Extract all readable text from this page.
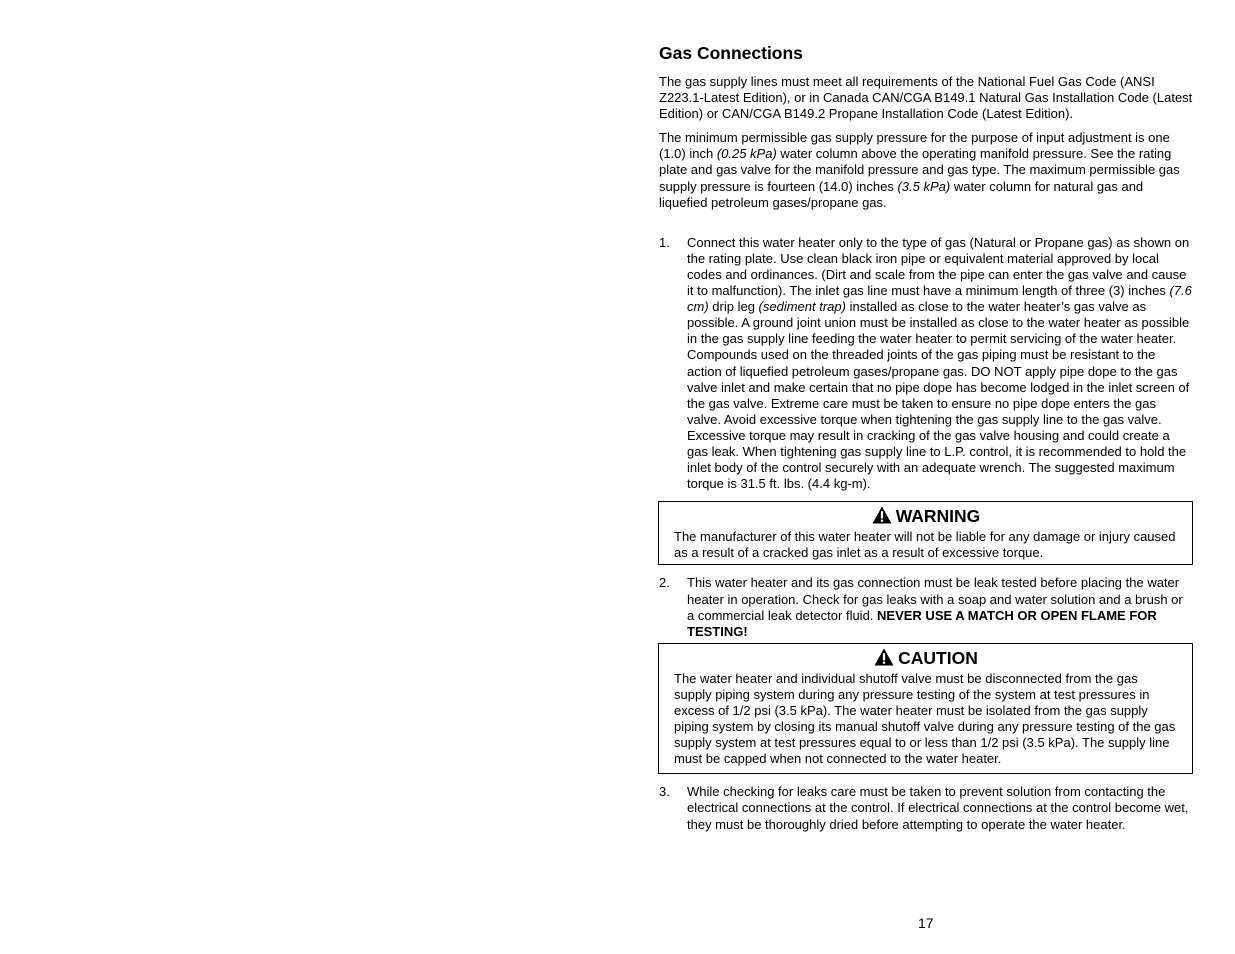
Gas Connections

The gas supply lines must meet all requirements of the National Fuel Gas Code (ANSI Z223.1-Latest Edition), or in Canada CAN/CGA B149.1 Natural Gas Installation Code (Latest Edition) or CAN/CGA B149.2 Propane Installation Code (Latest Edition).

The minimum permissible gas supply pressure for the purpose of input adjustment is one (1.0) inch (0.25 kPa) water column above the operating manifold pressure. See the rating plate and gas valve for the manifold pressure and gas type. The maximum permissible gas supply pressure is fourteen (14.0) inches (3.5 kPa) water column for natural gas and liquefied petroleum gases/propane gas.

1. Connect this water heater only to the type of gas (Natural or Propane gas) as shown on the rating plate. Use clean black iron pipe or equivalent material approved by local codes and ordinances. (Dirt and scale from the pipe can enter the gas valve and cause it to malfunction). The inlet gas line must have a minimum length of three (3) inches (7.6 cm) drip leg (sediment trap) installed as close to the water heater’s gas valve as possible. A ground joint union must be installed as close to the water heater as possible in the gas supply line feeding the water heater to permit servicing of the water heater. Compounds used on the threaded joints of the gas piping must be resistant to the action of liquefied petroleum gases/propane gas. DO NOT apply pipe dope to the gas valve inlet and make certain that no pipe dope has become lodged in the inlet screen of the gas valve. Extreme care must be taken to ensure no pipe dope enters the gas valve. Avoid excessive torque when tightening the gas supply line to the gas valve. Excessive torque may result in cracking of the gas valve housing and could create a gas leak. When tightening gas supply line to L.P. control, it is recommended to hold the inlet body of the control securely with an adequate wrench. The suggested maximum torque is 31.5 ft. lbs. (4.4 kg-m).
WARNING
The manufacturer of this water heater will not be liable for any damage or injury caused as a result of a cracked gas inlet as a result of excessive torque.
2. This water heater and its gas connection must be leak tested before placing the water heater in operation. Check for gas leaks with a soap and water solution and a brush or a commercial leak detector fluid. NEVER USE A MATCH OR OPEN FLAME FOR TESTING!
CAUTION
The water heater and individual shutoff valve must be disconnected from the gas supply piping system during any pressure testing of the system at test pressures in excess of 1/2 psi (3.5 kPa). The water heater must be isolated from the gas supply piping system by closing its manual shutoff valve during any pressure testing of the gas supply system at test pressures equal to or less than 1/2 psi (3.5 kPa). The supply line must be capped when not connected to the water heater.
3. While checking for leaks care must be taken to prevent solution from contacting the electrical connections at the control. If electrical connections at the control become wet, they must be thoroughly dried before attempting to operate the water heater.
17
